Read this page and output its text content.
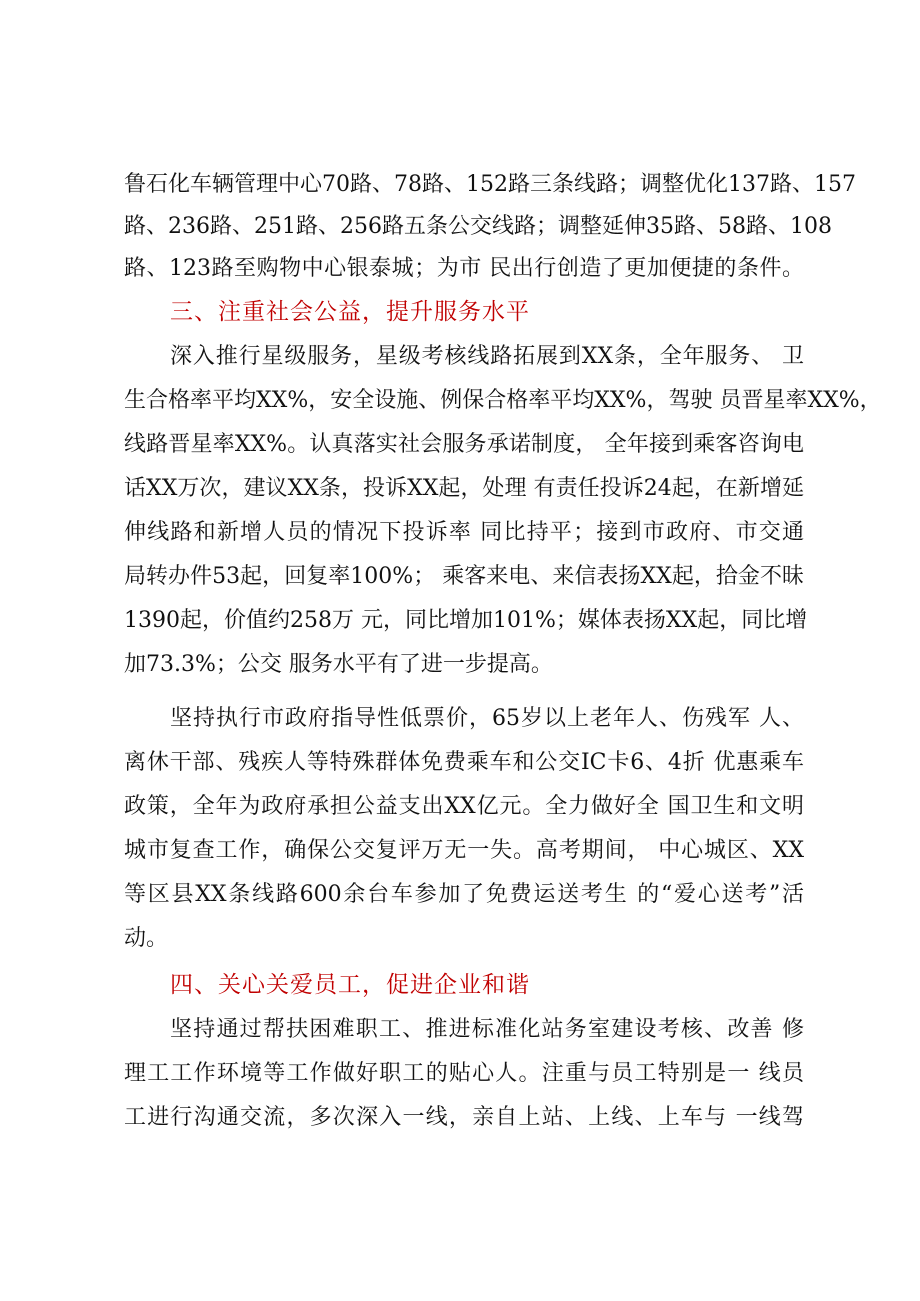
鲁石化车辆管理中心70路、78路、152路三条线路；调整优化137路、157
路、236路、251路、256路五条公交线路；调整延伸35路、58路、108
路、123路至购物中心银泰城；为市 民出行创造了更加便捷的条件。
三、注重社会公益，提升服务水平
深入推行星级服务，星级考核线路拓展到XX条，全年服务、 卫
生合格率平均XX%，安全设施、例保合格率平均XX%，驾驶 员晋星率XX%，
线路晋星率XX%。认真落实社会服务承诺制度， 全年接到乘客咨询电
话XX万次，建议XX条，投诉XX起，处理 有责任投诉24起，在新增延
伸线路和新增人员的情况下投诉率 同比持平；接到市政府、市交通
局转办件53起，回复率100%； 乘客来电、来信表扬XX起，拾金不昧
1390起，价值约258万 元，同比增加101%；媒体表扬XX起，同比增
加73.3%；公交 服务水平有了进一步提高。
坚持执行市政府指导性低票价，65岁以上老年人、伤残军 人、
离休干部、残疾人等特殊群体免费乘车和公交IC卡6、4折 优惠乘车
政策，全年为政府承担公益支出XX亿元。全力做好全 国卫生和文明
城市复查工作，确保公交复评万无一失。高考期间， 中心城区、XX
等区县XX条线路600余台车参加了免费运送考生 的“爱心送考”活
动。
四、关心关爱员工，促进企业和谐
坚持通过帮扶困难职工、推进标准化站务室建设考核、改善 修
理工工作环境等工作做好职工的贴心人。注重与员工特别是一 线员
工进行沟通交流，多次深入一线，亲自上站、上线、上车与 一线驾
